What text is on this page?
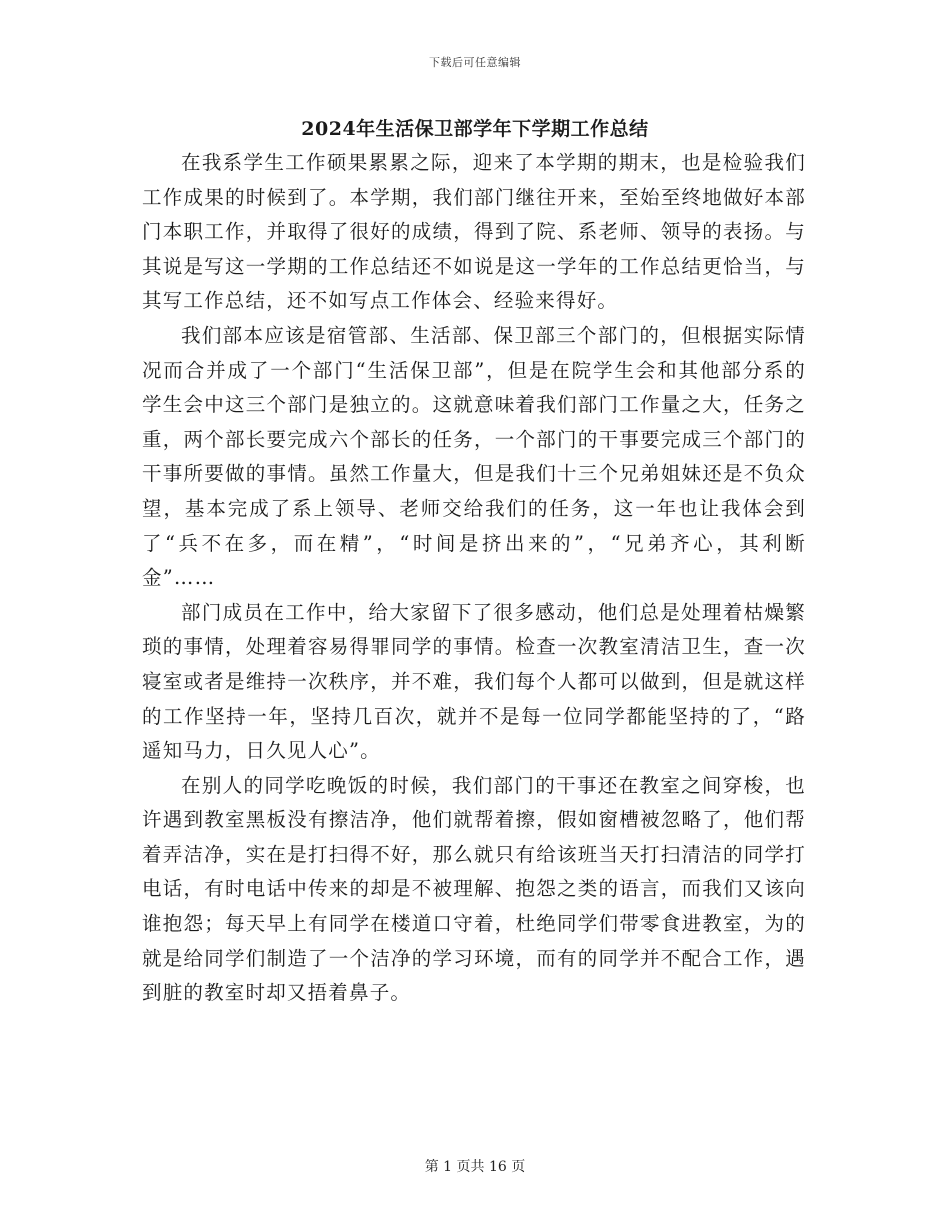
下载后可任意编辑
2024年生活保卫部学年下学期工作总结

在我系学生工作硕果累累之际，迎来了本学期的期末，也是检验我们工作成果的时候到了。本学期，我们部门继往开来，至始至终地做好本部门本职工作，并取得了很好的成绩，得到了院、系老师、领导的表扬。与其说是写这一学期的工作总结还不如说是这一学年的工作总结更恰当，与其写工作总结，还不如写点工作体会、经验来得好。

我们部本应该是宿管部、生活部、保卫部三个部门的，但根据实际情况而合并成了一个部门“生活保卫部”，但是在院学生会和其他部分系的学生会中这三个部门是独立的。这就意味着我们部门工作量之大，任务之重，两个部长要完成六个部长的任务，一个部门的干事要完成三个部门的干事所要做的事情。虽然工作量大，但是我们十三个兄弟姐妹还是不负众望，基本完成了系上领导、老师交给我们的任务，这一年也让我体会到了“兵不在多，而在精”，“时间是挤出来的”，“兄弟齐心，其利断金”……

部门成员在工作中，给大家留下了很多感动，他们总是处理着枯燥繁琐的事情，处理着容易得罪同学的事情。检查一次教室清洁卫生，查一次寝室或者是维持一次秩序，并不难，我们每个人都可以做到，但是就这样的工作坚持一年，坚持几百次，就并不是每一位同学都能坚持的了，“路遥知马力，日久见人心”。

在别人的同学吃晚饭的时候，我们部门的干事还在教室之间穿梭，也许遇到教室黑板没有擦洁净，他们就帮着擦，假如窗槽被忽略了，他们帮着弄洁净，实在是打扫得不好，那么就只有给该班当天打扫清洁的同学打电话，有时电话中传来的却是不被理解、抱怨之类的语言，而我们又该向谁抱怨；每天早上有同学在楼道口守着，杜绝同学们带零食进教室，为的就是给同学们制造了一个洁净的学习环境，而有的同学并不配合工作，遇到脏的教室时却又捂着鼻子。

第 1 页共 16 页
